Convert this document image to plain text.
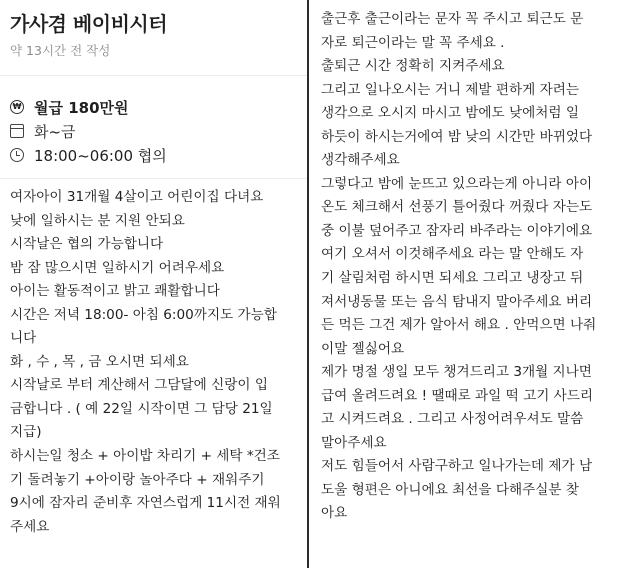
가사겸 베이비시터
약 13시간 전 작성
₩ 월급 180만원
화~금
18:00~06:00 협의
여자아이 31개월 4살이고 어린이집 다녀요
낮에 일하시는 분 지원 안되요
시작날은 협의 가능합니다
밤 잠 많으시면 일하시기 어려우세요
아이는 활동적이고 밝고 쾌활합니다
시간은 저녁 18:00- 아침 6:00까지도 가능합
니다
화 , 수 , 목 , 금 오시면 되세요
시작날로 부터 계산해서 그담달에 신랑이 입
금합니다 . ( 예 22일 시작이면 그 담당 21일
지급)
하시는일 청소 + 아이밥 차리기 + 세탁 *건조
기 돌려놓기 +아이랑 놀아주다 + 재워주기
9시에 잠자리 준비후 자연스럽게 11시전 재워
주세요
출근후 출근이라는 문자 꼭 주시고 퇴근도 문
자로 퇴근이라는 말 꼭 주세요 .
출퇴근 시간 정확히 지켜주세요
그리고 일나오시는 거니 제발 편하게 자려는
생각으로 오시지 마시고 밤에도 낮에처럼 일
하듯이 하시는거에여 밤 낮의 시간만 바뀌었다
생각해주세요
그렇다고 밤에 눈뜨고 있으라는게 아니라 아이
온도 체크해서 선풍기 틀어줬다 꺼줬다 자는도
중 이불 덮어주고 잠자리 바주라는 이야기에요
여기 오셔서 이것해주세요 라는 말 안해도 자
기 살림처럼 하시면 되세요 그리고 냉장고 뒤
져서냉동물 또는 음식 탐내지 말아주세요 버리
든 먹든 그건 제가 알아서 해요 . 안먹으면 나줘
이말 젤싫어요
제가 명절 생일 모두 챙겨드리고 3개월 지나면
급여 올려드려요 ! 땔때로 과일 떡 고기 사드리
고 시켜드려요 . 그리고 사정어려우셔도 말씀
말아주세요
저도 힘들어서 사람구하고 일나가는데 제가 남
도울 형편은 아니에요 최선을 다해주실분 찾
아요
